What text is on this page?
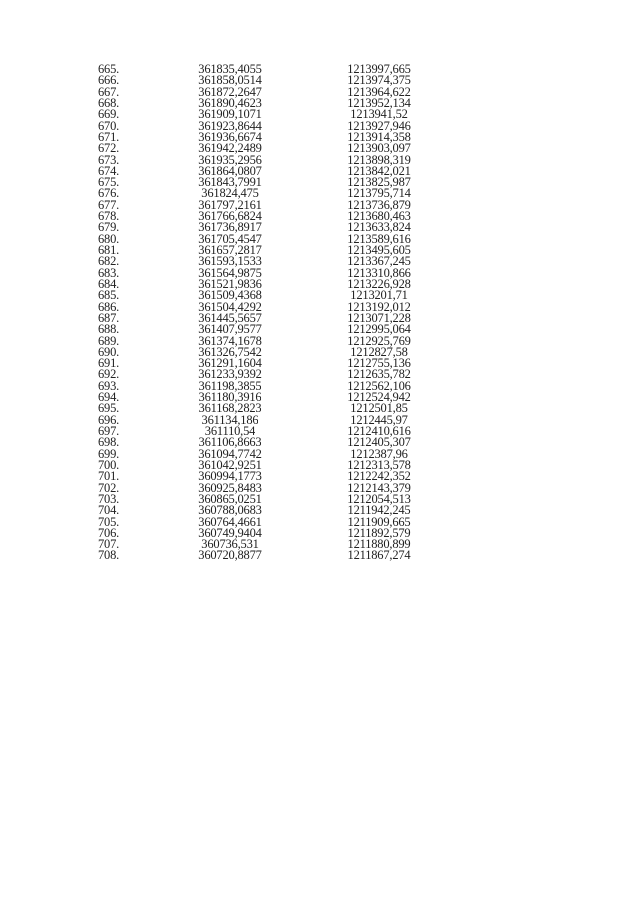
665.	361835,4055		1213997,665
666.	361858,0514		1213974,375
667.	361872,2647		1213964,622
668.	361890,4623		1213952,134
669.	361909,1071		1213941,52
670.	361923,8644		1213927,946
671.	361936,6674		1213914,358
672.	361942,2489		1213903,097
673.	361935,2956		1213898,319
674.	361864,0807		1213842,021
675.	361843,7991		1213825,987
676.	361824,475		1213795,714
677.	361797,2161		1213736,879
678.	361766,6824		1213680,463
679.	361736,8917		1213633,824
680.	361705,4547		1213589,616
681.	361657,2817		1213495,605
682.	361593,1533		1213367,245
683.	361564,9875		1213310,866
684.	361521,9836		1213226,928
685.	361509,4368		1213201,71
686.	361504,4292		1213192,012
687.	361445,5657		1213071,228
688.	361407,9577		1212995,064
689.	361374,1678		1212925,769
690.	361326,7542		1212827,58
691.	361291,1604		1212755,136
692.	361233,9392		1212635,782
693.	361198,3855		1212562,106
694.	361180,3916		1212524,942
695.	361168,2823		1212501,85
696.	361134,186		1212445,97
697.	361110,54		1212410,616
698.	361106,8663		1212405,307
699.	361094,7742		1212387,96
700.	361042,9251		1212313,578
701.	360994,1773		1212242,352
702.	360925,8483		1212143,379
703.	360865,0251		1212054,513
704.	360788,0683		1211942,245
705.	360764,4661		1211909,665
706.	360749,9404		1211892,579
707.	360736,531		1211880,899
708.	360720,8877		1211867,274
